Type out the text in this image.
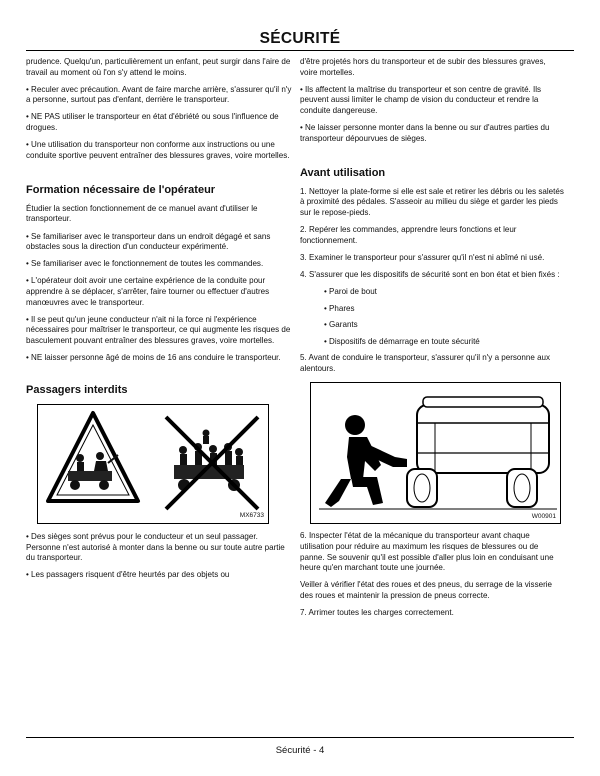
SÉCURITÉ

prudence. Quelqu'un, particulièrement un enfant, peut surgir dans l'aire de travail au moment où l'on s'y attend le moins.

• Reculer avec précaution. Avant de faire marche arrière, s'assurer qu'il n'y a personne, surtout pas d'enfant, derrière le transporteur.

• NE PAS utiliser le transporteur en état d'ébriété ou sous l'influence de drogues.

• Une utilisation du transporteur non conforme aux instructions ou une conduite sportive peuvent entraîner des blessures graves, voire mortelles.

Formation nécessaire de l'opérateur

Étudier la section fonctionnement de ce manuel avant d'utiliser le transporteur.

• Se familiariser avec le transporteur dans un endroit dégagé et sans obstacles sous la direction d'un conducteur expérimenté.

• Se familiariser avec le fonctionnement de toutes les commandes.

• L'opérateur doit avoir une certaine expérience de la conduite pour apprendre à se déplacer, s'arrêter, faire tourner ou effectuer d'autres manœuvres avec le transporteur.

• Il se peut qu'un jeune conducteur n'ait ni la force ni l'expérience nécessaires pour maîtriser le transporteur, ce qui augmente les risques de basculement pouvant entraîner des blessures graves, voire mortelles.

• NE laisser personne âgé de moins de 16 ans conduire le transporteur.

Passagers interdits
MX6733

• Des sièges sont prévus pour le conducteur et un seul passager. Personne n'est autorisé à monter dans la benne ou sur toute autre partie du transporteur.

• Les passagers risquent d'être heurtés par des objets ou

d'être projetés hors du transporteur et de subir des blessures graves, voire mortelles.

• Ils affectent la maîtrise du transporteur et son centre de gravité. Ils peuvent aussi limiter le champ de vision du conducteur et rendre la conduite dangereuse.

• Ne laisser personne monter dans la benne ou sur d'autres parties du transporteur dépourvues de sièges.

Avant utilisation

1. Nettoyer la plate-forme si elle est sale et retirer les débris ou les saletés à proximité des pédales. S'asseoir au milieu du siège et garder les pieds sur le repose-pieds.

2. Repérer les commandes, apprendre leurs fonctions et leur fonctionnement.

3. Examiner le transporteur pour s'assurer qu'il n'est ni abîmé ni usé.

4. S'assurer que les dispositifs de sécurité sont en bon état et bien fixés :

• Paroi de bout

• Phares

• Garants

• Dispositifs de démarrage en toute sécurité

5. Avant de conduire le transporteur, s'assurer qu'il n'y a personne aux alentours.

W00901

6. Inspecter l'état de la mécanique du transporteur avant chaque utilisation pour réduire au maximum les risques de blessures ou de panne. Se souvenir qu'il est possible d'aller plus loin en conduisant une heure qu'en marchant toute une journée.

Veiller à vérifier l'état des roues et des pneus, du serrage de la visserie des roues et maintenir la pression de pneus correcte.

7. Arrimer toutes les charges correctement.

Sécurité - 4
